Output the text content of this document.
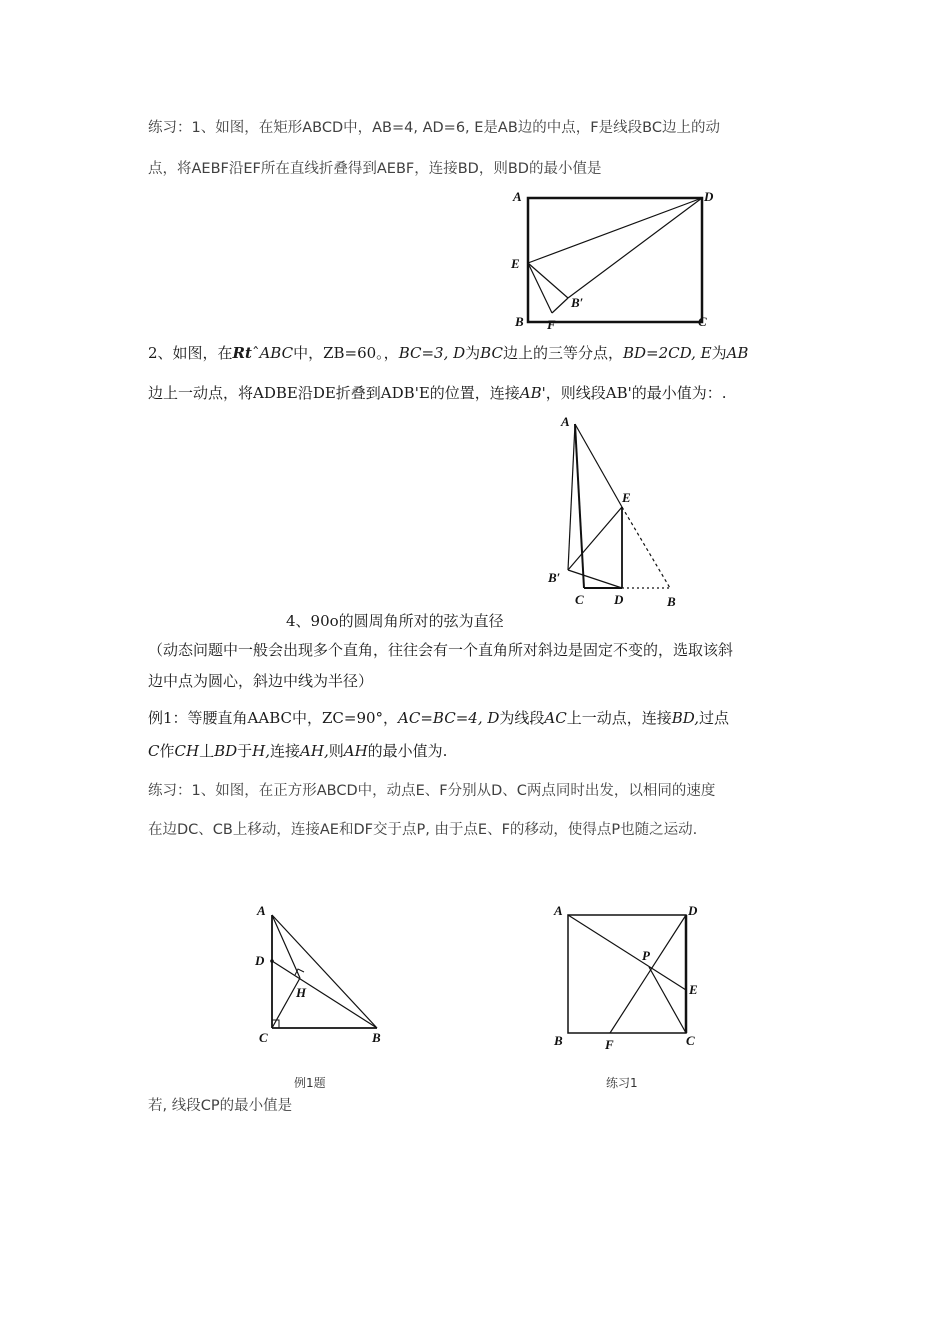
练习：1、如图，在矩形ABCD中，AB=4, AD=6, E是AB边的中点，F是线段BC边上的动
点，将AEBF沿EF所在直线折叠得到AEBF，连接BD，则BD的最小值是
A	D
E
B F	C
B′
2、如图，在RtˆABC中，ZB=60。，BC=3, D为BC边上的三等分点，BD=2CD, E为AB
边上一动点，将ADBE沿DE折叠到ADB'E的位置，连接AB'，则线段AB'的最小值为：.
A
E
B′
C D	B
4、90o的圆周角所对的弦为直径
（动态问题中一般会出现多个直角，往往会有一个直角所对斜边是固定不变的，选取该斜
边中点为圆心，斜边中线为半径）
例1：等腰直角AABC中，ZC=90°，AC=BC=4, D为线段AC上一动点，连接BD,过点
C作CH丄BD于H,连接AH,则AH的最小值为.
练习：1、如图，在正方形ABCD中，动点E、F分别从D、C两点同时出发，以相同的速度
在边DC、CB上移动，连接AE和DF交于点P, 由于点E、F的移动，使得点P也随之运动.
A
D
H
C	B
例1题
A	D
P
E
B	F	C
练习1
若, 线段CP的最小值是
